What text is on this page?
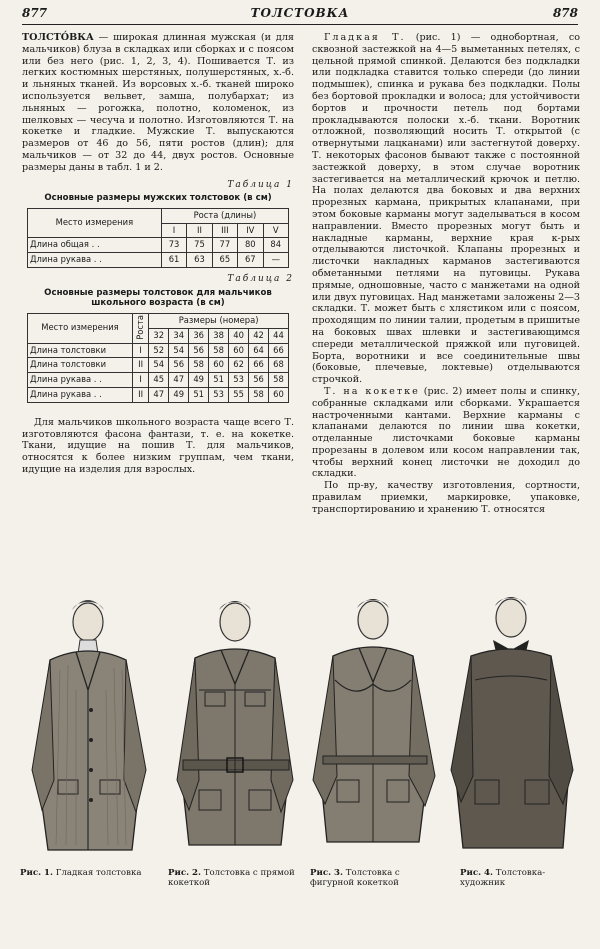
877	ТОЛСТОВКА	878

ТОЛСТО́ВКА — широкая длинная мужская (и для мальчиков) блуза в складках или сборках и с поясом или без него (рис. 1, 2, 3, 4). Пошивается Т. из легких костюмных шерстяных, полушерстяных, х.-б. и льняных тканей. Из ворсовых х.-б. тканей широко используется вельвет, замша, полубархат; из льняных — рогожка, полотно, коломенок, из шелковых — чесуча и полотно. Изготовляются Т. на кокетке и гладкие. Мужские Т. выпускаются размеров от 46 до 56, пяти ростов (длин); для мальчиков — от 32 до 44, двух ростов. Основные размеры даны в табл. 1 и 2.

Таблица 1
Основные размеры мужских толстовок (в см)
Место измерения	Роста (длины)				
	I	II	III	IV	V
Длина общая . .	73	75	77	80	84
Длина рукава . .	61	63	65	67	—
Таблица 2
Основные размеры толстовок для мальчиков школьного возраста (в см)
Место измерения	Роста	Размеры (номера)						
		32	34	36	38	40	42	44
Длина толстовки	I	52	54	56	58	60	64	66
Длина толстовки	II	54	56	58	60	62	66	68
Длина рукава . .	I	45	47	49	51	53	56	58
Длина рукава . .	II	47	49	51	53	55	58	60

Для мальчиков школьного возраста чаще всего Т. изготовляются фасона фантази, т. е. на кокетке. Ткани, идущие на пошив Т. для мальчиков, относятся к более низким группам, чем ткани, идущие на изделия для взрослых.

Гладкая Т. (рис. 1) — однобортная, со сквозной застежкой на 4—5 выметанных петелях, с цельной прямой спинкой. Делаются без подкладки или подкладка ставится только спереди (до линии подмышек), спинка и рукава без подкладки. Полы без бортовой прокладки и волоса; для устойчивости бортов и прочности петель под бортами прокладываются полоски х.-б. ткани. Воротник отложной, позволяющий носить Т. открытой (с отвернутыми лацканами) или застегнутой доверху. Т. некоторых фасонов бывают также с постоянной застежкой доверху, в этом случае воротник застегивается на металлический крючок и петлю. На полах делаются два боковых и два верхних прорезных кармана, прикрытых клапанами, при этом боковые карманы могут заделываться в косом направлении. Вместо прорезных могут быть и накладные карманы, верхние края к-рых отделываются листочкой. Клапаны прорезных и листочки накладных карманов застегиваются обметанными петлями на пуговицы. Рукава прямые, одношовные, часто с манжетами на одной или двух пуговицах. Над манжетами заложены 2—3 складки. Т. может быть с хлястиком или с поясом, проходящим по линии талии, продетым в пришитые на боковых швах шлевки и застегивающимся спереди металлической пряжкой или пуговицей. Борта, воротники и все соединительные швы (боковые, плечевые, локтевые) отделываются строчкой.

Т. на кокетке (рис. 2) имеет полы и спинку, собранные складками или сборками. Украшается настроченными кантами. Верхние карманы с клапанами делаются по линии шва кокетки, отделанные листочками боковые карманы прорезаны в долевом или косом направлении так, чтобы верхний конец листочки не доходил до складки.

По пр-ву, качеству изготовления, сортности, правилам приемки, маркировке, упаковке, транспортированию и хранению Т. относятся

Рис. 1. Гладкая толстовка	Рис. 2. Толстовка с прямой кокеткой
Рис. 3. Толстовка с фигурной кокеткой
Рис. 4. Толстовка-художник
